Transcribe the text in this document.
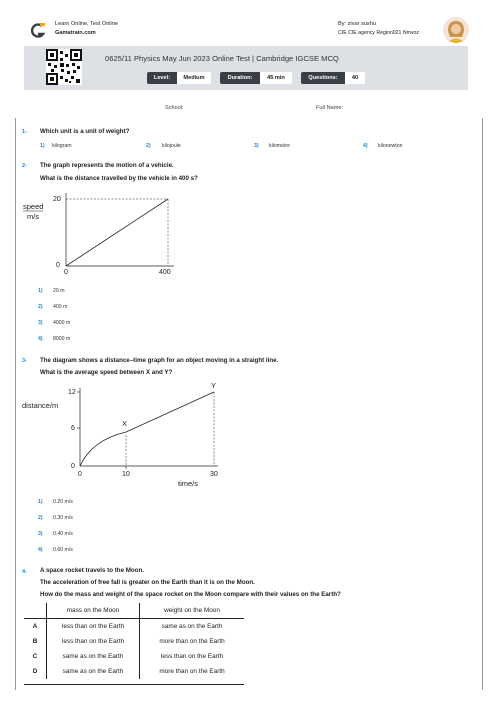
Learn Online, Test Online
Gamatrain.com
By: zivar sushu
CIE CIE agency Region021 Nmvoz
0625/11 Physics May Jun 2023 Online Test | Cambridge IGCSE MCQ
Level:	Medium	Duration:	45 min	Questions:	40
School:	Full Name:
1- Which unit is a unit of weight?
1) kilogram	2) kilojoule	3) kilometre	4) kilonewton
2- The graph represents the motion of a vehicle.
What is the distance travelled by the vehicle in 400 s?
speed
m/s
20
0
0	400
1) 20 m
2) 400 m
3) 4000 m
4) 8000 m
3- The diagram shows a distance–time graph for an object moving in a straight line.
What is the average speed between X and Y?
distance/m
12
6
0
0	10	30
X
Y
time/s
1) 0.20 m/s
2) 0.30 m/s
3) 0.40 m/s
4) 0.60 m/s
4- A space rocket travels to the Moon.
The acceleration of free fall is greater on the Earth than it is on the Moon.
How do the mass and weight of the space rocket on the Moon compare with their values on the Earth?
	mass on the Moon	weight on the Moon
A	less than on the Earth	same as on the Earth
B	less than on the Earth	more than on the Earth
C	same as on the Earth	less than on the Earth
D	same as on the Earth	more than on the Earth
